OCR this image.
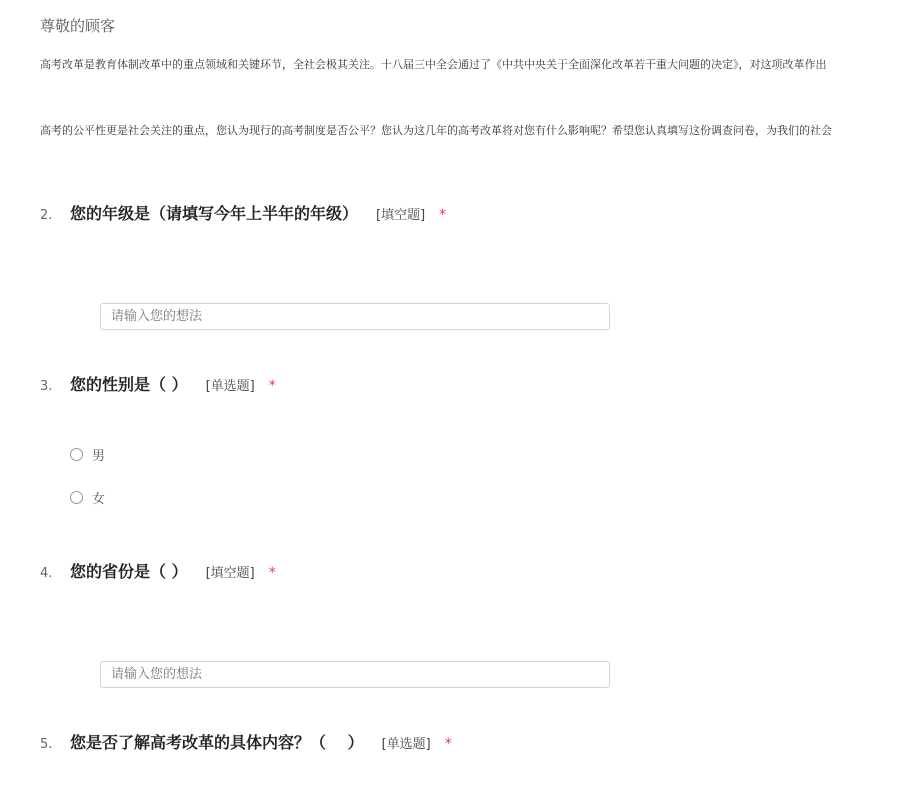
尊敬的顾客
高考改革是教育体制改革中的重点领域和关键环节，全社会极其关注。十八届三中全会通过了《中共中央关于全面深化改革若干重大问题的决定》，对这项改革作出
高考的公平性更是社会关注的重点，您认为现行的高考制度是否公平？您认为这几年的高考改革将对您有什么影响呢？希望您认真填写这份调查问卷，为我们的社会
2.	您的年级是（请填写今年上半年的年级） [填空题] *
请输入您的想法
3.	您的性别是（ ） [单选题] *
男
女
4.	您的省份是（ ） [填空题] *
请输入您的想法
5.	您是否了解高考改革的具体内容？（　 ） [单选题] *
